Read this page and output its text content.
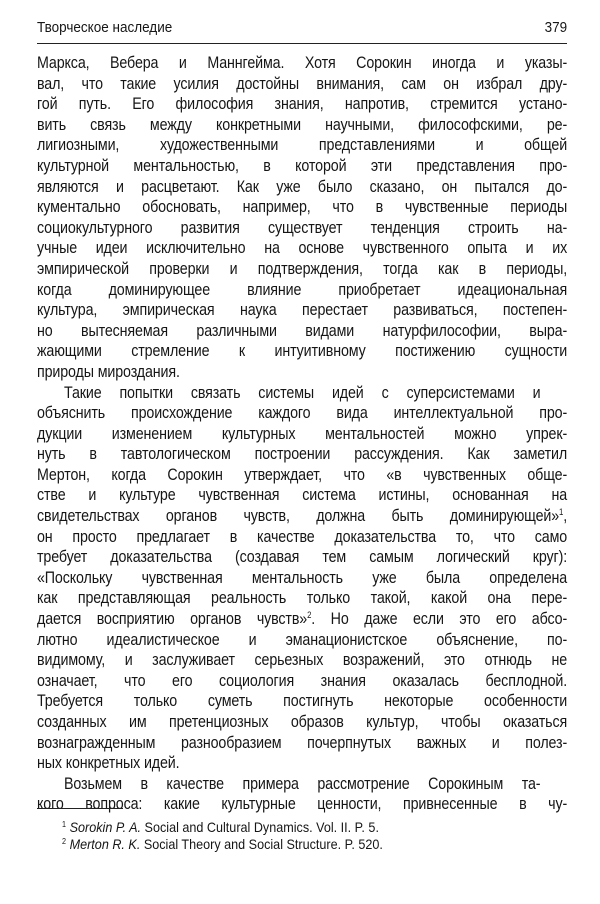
Творческое наследие	379
Маркса, Вебера и Маннгейма. Хотя Сорокин иногда и указы-
вал, что такие усилия достойны внимания, сам он избрал дру-
гой путь. Его философия знания, напротив, стремится устано-
вить связь между конкретными научными, философскими, ре-
лигиозными, художественными представлениями и общей
культурной ментальностью, в которой эти представления про-
являются и расцветают. Как уже было сказано, он пытался до-
кументально обосновать, например, что в чувственные периоды
социокультурного развития существует тенденция строить на-
учные идеи исключительно на основе чувственного опыта и их
эмпирической проверки и подтверждения, тогда как в периоды,
когда доминирующее влияние приобретает идеациональная
культура, эмпирическая наука перестает развиваться, постепен-
но вытесняемая различными видами натурфилософии, выра-
жающими стремление к интуитивному постижению сущности
природы мироздания.
Такие попытки связать системы идей с суперсистемами и
объяснить происхождение каждого вида интеллектуальной про-
дукции изменением культурных ментальностей можно упрек-
нуть в тавтологическом построении рассуждения. Как заметил
Мертон, когда Сорокин утверждает, что «в чувственных обще-
стве и культуре чувственная система истины, основанная на
свидетельствах органов чувств, должна быть доминирующей»$^1$,
он просто предлагает в качестве доказательства то, что само
требует доказательства (создавая тем самым логический круг):
«Поскольку чувственная ментальность уже была определена
как представляющая реальность только такой, какой она пере-
дается восприятию органов чувств»$^2$. Но даже если это его абсо-
лютно идеалистическое и эманационистское объяснение, по-
видимому, и заслуживает серьезных возражений, это отнюдь не
означает, что его социология знания оказалась бесплодной.
Требуется только суметь постигнуть некоторые особенности
созданных им претенциозных образов культур, чтобы оказаться
вознагражденным разнообразием почерпнутых важных и полез-
ных конкретных идей.
Возьмем в качестве примера рассмотрение Сорокиным та-
кого вопроса: какие культурные ценности, привнесенные в чу-
$^1$ Sorokin P. A. Social and Cultural Dynamics. Vol. II. P. 5.
$^2$ Merton R. K. Social Theory and Social Structure. P. 520.
